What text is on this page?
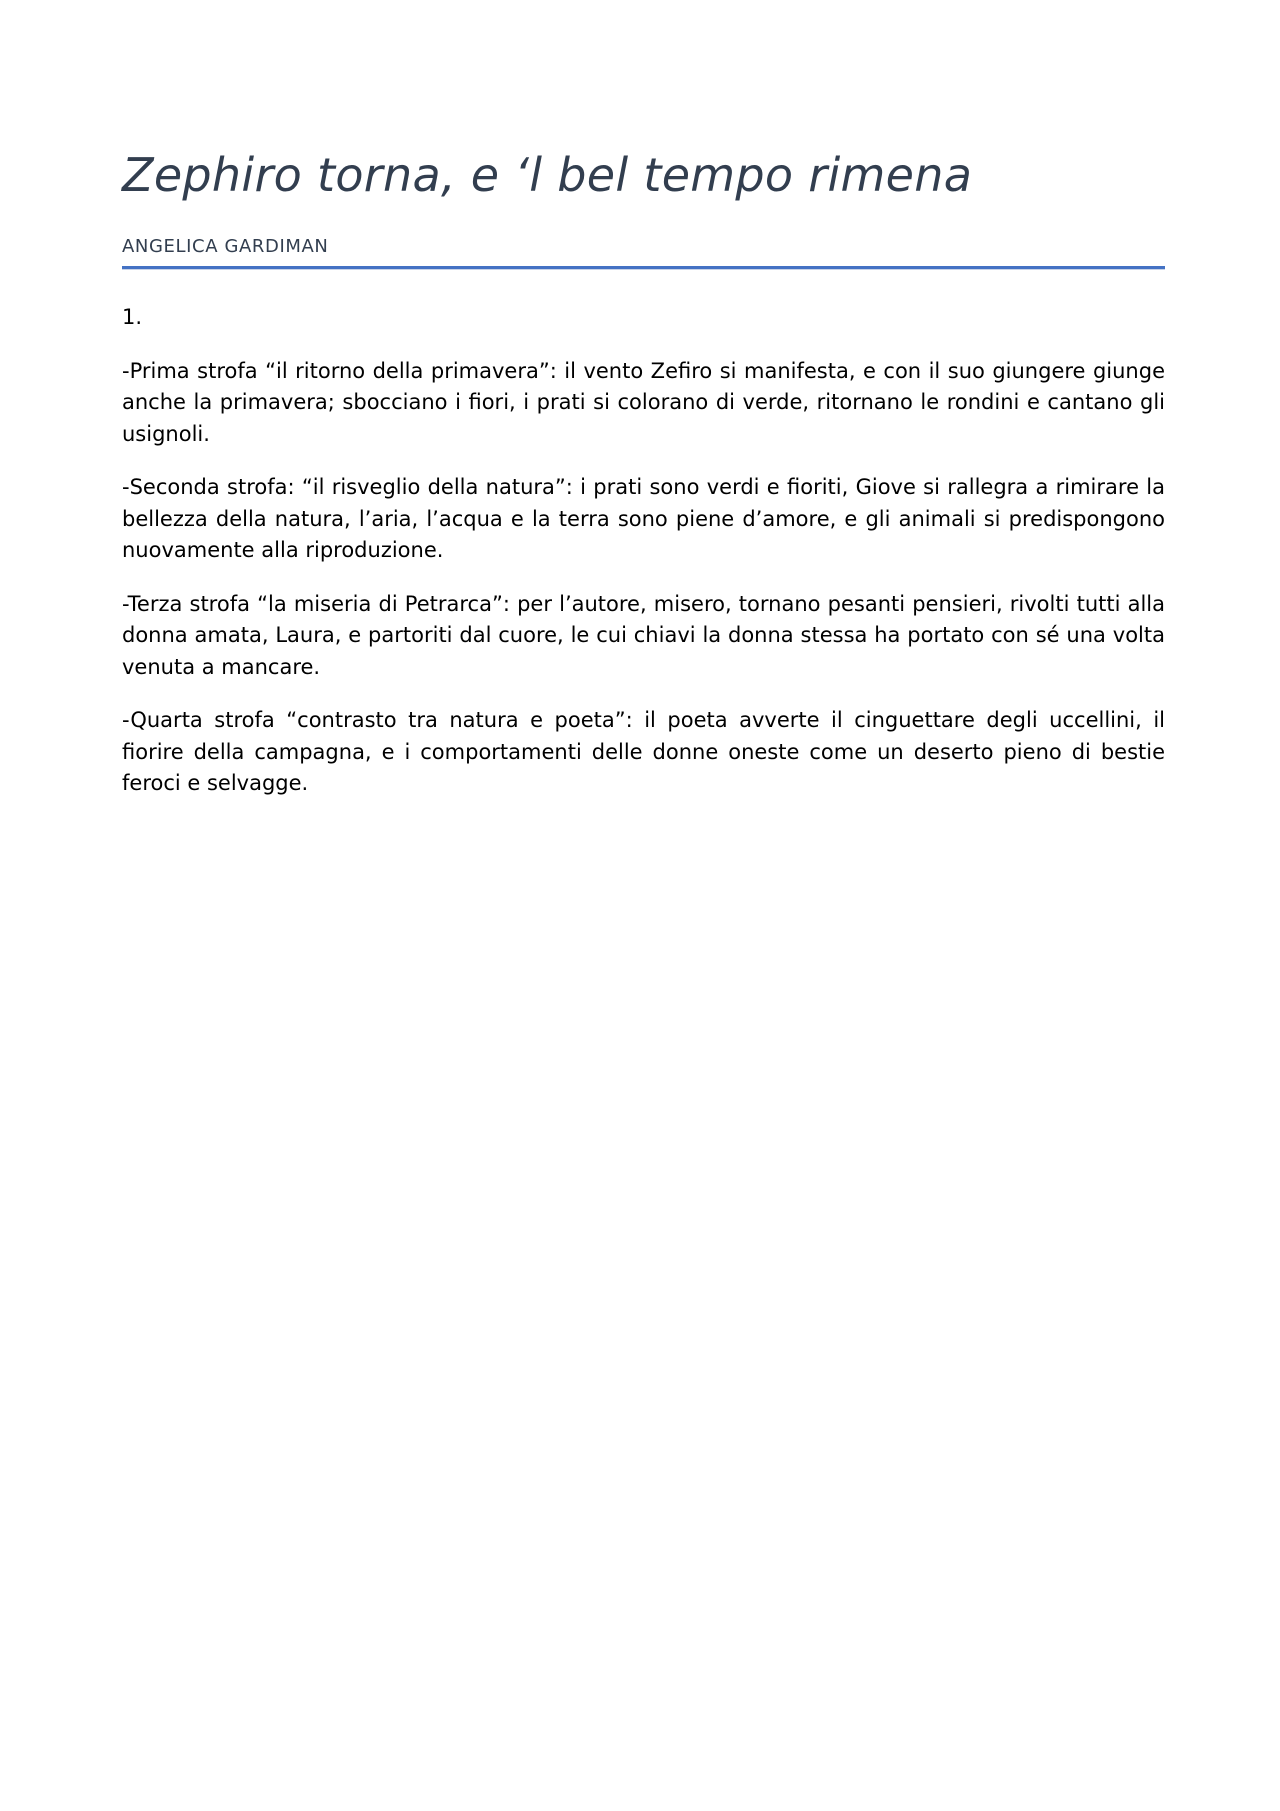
Zephiro torna, e ‘l bel tempo rimena
ANGELICA GARDIMAN

1.

-Prima strofa “il ritorno della primavera”: il vento Zefiro si manifesta, e con il suo giungere giunge anche la primavera; sbocciano i fiori, i prati si colorano di verde, ritornano le rondini e cantano gli usignoli.

-Seconda strofa: “il risveglio della natura”: i prati sono verdi e fioriti, Giove si rallegra a rimirare la bellezza della natura, l’aria, l’acqua e la terra sono piene d’amore, e gli animali si predispongono nuovamente alla riproduzione.

-Terza strofa “la miseria di Petrarca”: per l’autore, misero, tornano pesanti pensieri, rivolti tutti alla donna amata, Laura, e partoriti dal cuore, le cui chiavi la donna stessa ha portato con sé una volta venuta a mancare.

-Quarta strofa “contrasto tra natura e poeta”: il poeta avverte il cinguettare degli uccellini, il fiorire della campagna, e i comportamenti delle donne oneste come un deserto pieno di bestie feroci e selvagge.
